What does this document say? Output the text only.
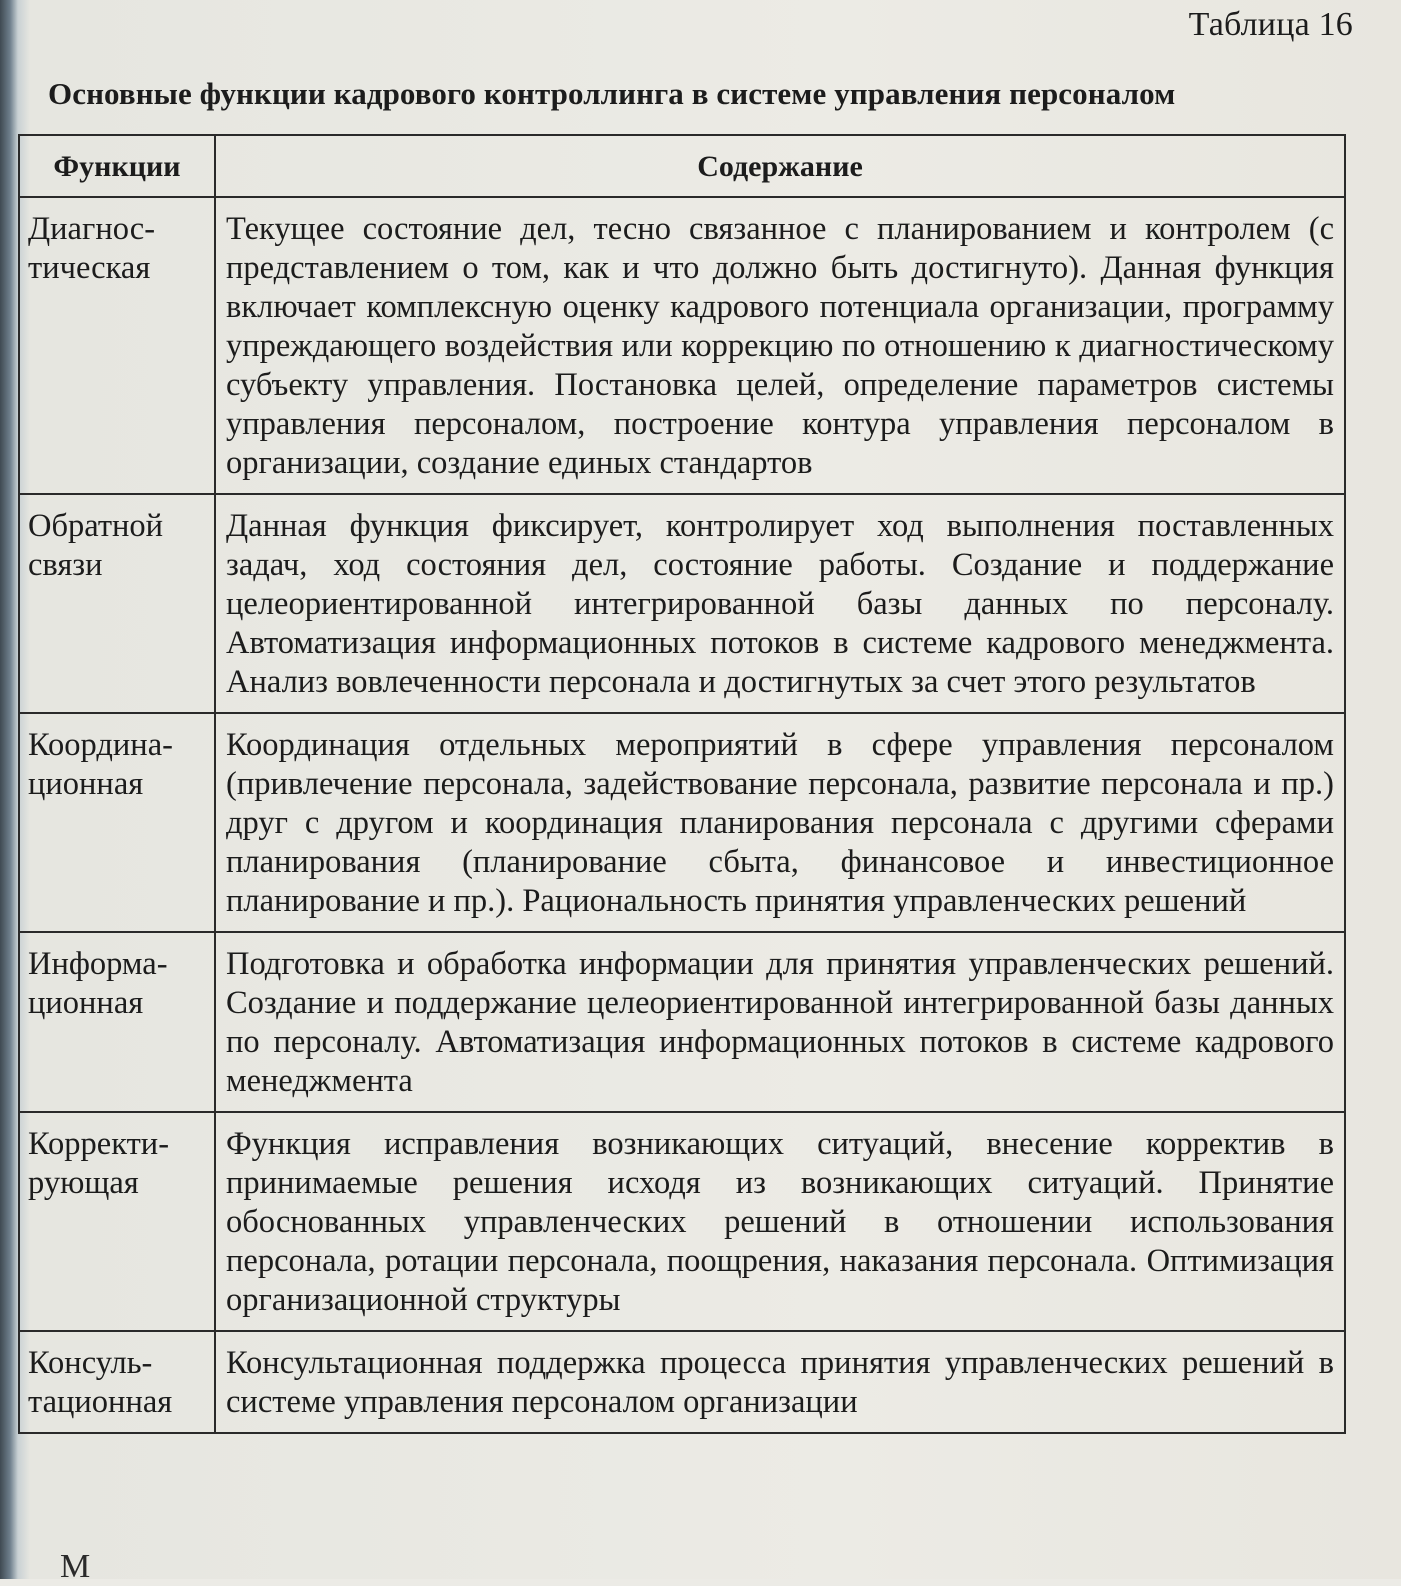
Таблица 16
Основные функции кадрового контроллинга в системе управления персоналом
Функции	Содержание
Диагнос-
тическая	Текущее состояние дел, тесно связанное с планированием и контролем (с представлением о том, как и что должно быть достигнуто). Данная функция включает комплексную оценку кадрового потенциала организации, программу упреждающего воздействия или коррекцию по отношению к диагностическому субъекту управления. Постановка целей, определение параметров системы управления персоналом, построение контура управления персоналом в организации, создание единых стандартов
Обратной
связи	Данная функция фиксирует, контролирует ход выполнения поставленных задач, ход состояния дел, состояние работы. Создание и поддержание целеориентированной интегрированной базы данных по персоналу. Автоматизация информационных потоков в системе кадрового менеджмента. Анализ вовлеченности персонала и достигнутых за счет этого результатов
Координа-
ционная	Координация отдельных мероприятий в сфере управления персоналом (привлечение персонала, задействование персонала, развитие персонала и пр.) друг с другом и координация планирования персонала с другими сферами планирования (планирование сбыта, финансовое и инвестиционное планирование и пр.). Рациональность принятия управленческих решений
Информа-
ционная	Подготовка и обработка информации для принятия управленческих решений. Создание и поддержание целеориентированной интегрированной базы данных по персоналу. Автоматизация информационных потоков в системе кадрового менеджмента
Корректи-
рующая	Функция исправления возникающих ситуаций, внесение корректив в принимаемые решения исходя из возникающих ситуаций. Принятие обоснованных управленческих решений в отношении использования персонала, ротации персонала, поощрения, наказания персонала. Оптимизация организационной структуры
Консуль-
тационная	Консультационная поддержка процесса принятия управленческих решений в системе управления персоналом организации
М
